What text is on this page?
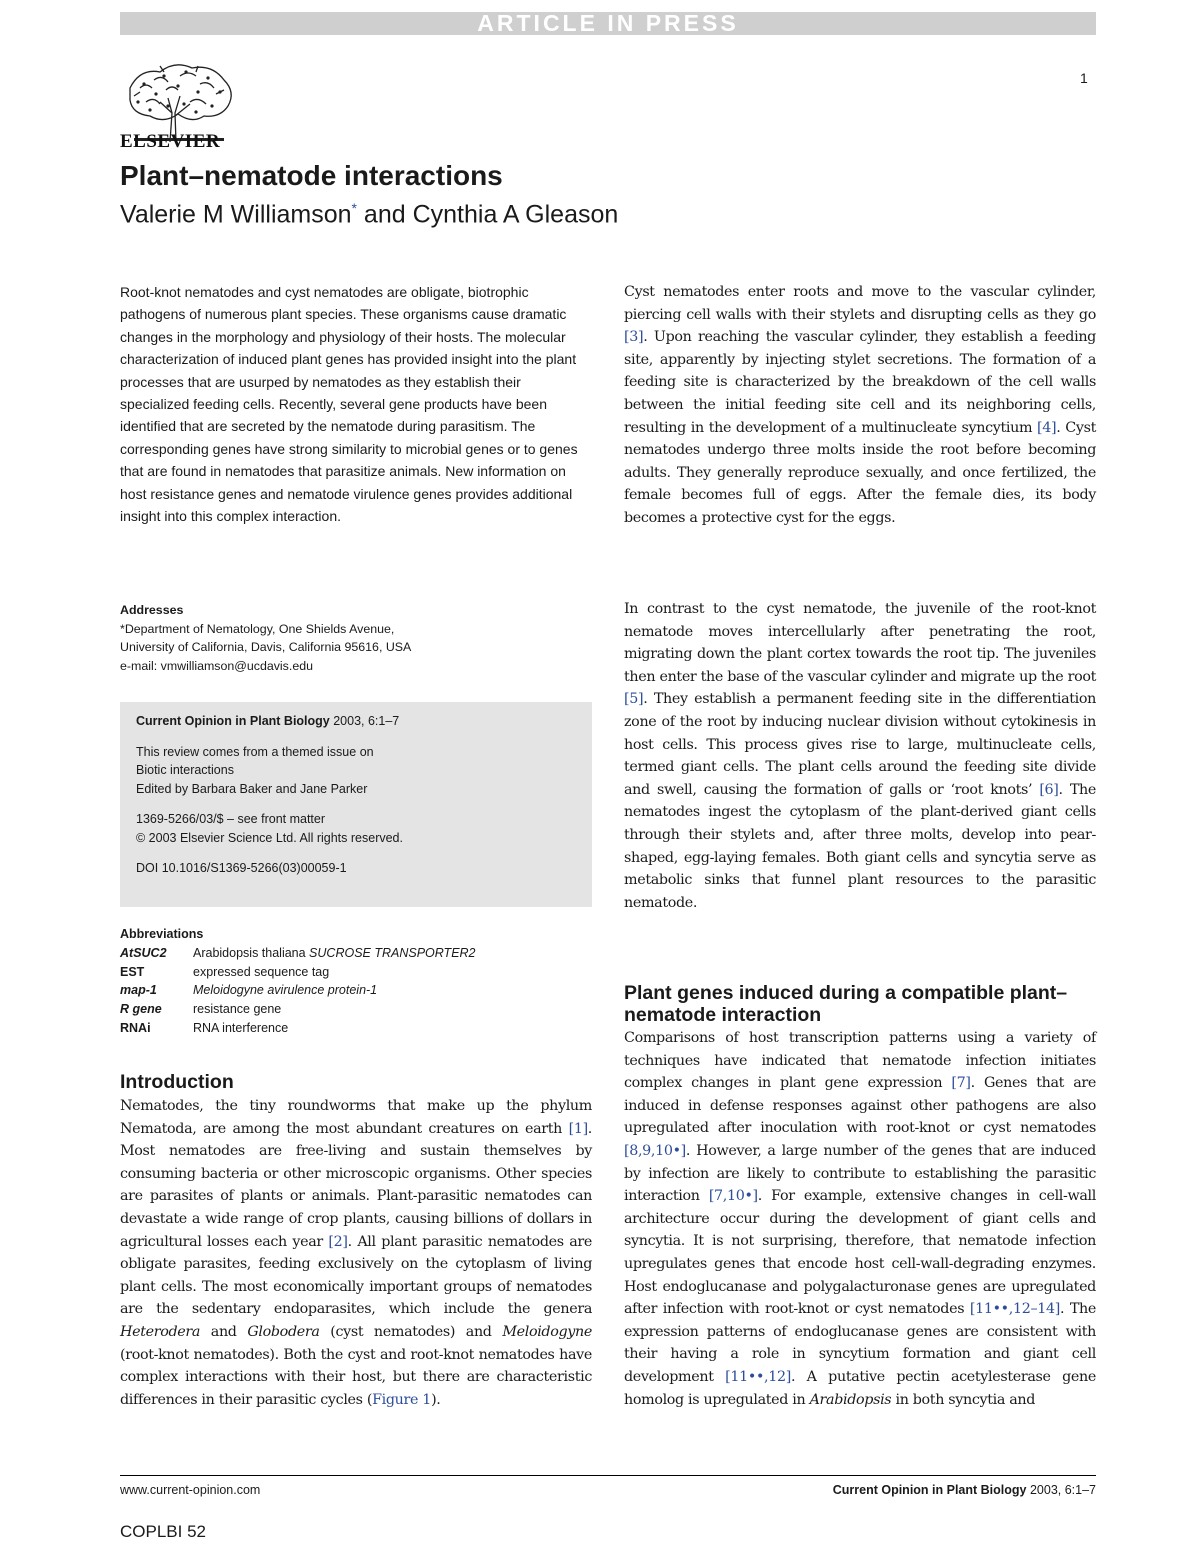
ARTICLE IN PRESS
ELSEVIER
1
Plant–nematode interactions

Valerie M Williamson* and Cynthia A Gleason

Root-knot nematodes and cyst nematodes are obligate, biotrophic pathogens of numerous plant species. These organisms cause dramatic changes in the morphology and physiology of their hosts. The molecular characterization of induced plant genes has provided insight into the plant processes that are usurped by nematodes as they establish their specialized feeding cells. Recently, several gene products have been identified that are secreted by the nematode during parasitism. The corresponding genes have strong similarity to microbial genes or to genes that are found in nematodes that parasitize animals. New information on host resistance genes and nematode virulence genes provides additional insight into this complex interaction.

Addresses
*Department of Nematology, One Shields Avenue,
University of California, Davis, California 95616, USA
e-mail: vmwilliamson@ucdavis.edu

Current Opinion in Plant Biology 2003, 6:1–7

This review comes from a themed issue on

Biotic interactions

Edited by Barbara Baker and Jane Parker

1369-5266/03/$ – see front matter

© 2003 Elsevier Science Ltd. All rights reserved.

DOI 10.1016/S1369-5266(03)00059-1

Abbreviations
AtSUC2	Arabidopsis thaliana SUCROSE TRANSPORTER2
EST	expressed sequence tag
map-1	Meloidogyne avirulence protein-1
R gene	resistance gene
RNAi	RNA interference
Introduction

Nematodes, the tiny roundworms that make up the phylum Nematoda, are among the most abundant creatures on earth [1]. Most nematodes are free-living and sustain themselves by consuming bacteria or other microscopic organisms. Other species are parasites of plants or animals. Plant-parasitic nematodes can devastate a wide range of crop plants, causing billions of dollars in agricultural losses each year [2]. All plant parasitic nematodes are obligate parasites, feeding exclusively on the cytoplasm of living plant cells. The most economically important groups of nematodes are the sedentary endoparasites, which include the genera Heterodera and Globodera (cyst nematodes) and Meloidogyne (root-knot nematodes). Both the cyst and root-knot nematodes have complex interactions with their host, but there are characteristic differences in their parasitic cycles (Figure 1).

Cyst nematodes enter roots and move to the vascular cylinder, piercing cell walls with their stylets and disrupting cells as they go [3]. Upon reaching the vascular cylinder, they establish a feeding site, apparently by injecting stylet secretions. The formation of a feeding site is characterized by the breakdown of the cell walls between the initial feeding site cell and its neighboring cells, resulting in the development of a multinucleate syncytium [4]. Cyst nematodes undergo three molts inside the root before becoming adults. They generally reproduce sexually, and once fertilized, the female becomes full of eggs. After the female dies, its body becomes a protective cyst for the eggs.

In contrast to the cyst nematode, the juvenile of the root-knot nematode moves intercellularly after penetrating the root, migrating down the plant cortex towards the root tip. The juveniles then enter the base of the vascular cylinder and migrate up the root [5]. They establish a permanent feeding site in the differentiation zone of the root by inducing nuclear division without cytokinesis in host cells. This process gives rise to large, multinucleate cells, termed giant cells. The plant cells around the feeding site divide and swell, causing the formation of galls or ‘root knots’ [6]. The nematodes ingest the cytoplasm of the plant-derived giant cells through their stylets and, after three molts, develop into pear-shaped, egg-laying females. Both giant cells and syncytia serve as metabolic sinks that funnel plant resources to the parasitic nematode.

Plant genes induced during a compatible plant–nematode interaction

Comparisons of host transcription patterns using a variety of techniques have indicated that nematode infection initiates complex changes in plant gene expression [7]. Genes that are induced in defense responses against other pathogens are also upregulated after inoculation with root-knot or cyst nematodes [8,9,10•]. However, a large number of the genes that are induced by infection are likely to contribute to establishing the parasitic interaction [7,10•]. For example, extensive changes in cell-wall architecture occur during the development of giant cells and syncytia. It is not surprising, therefore, that nematode infection upregulates genes that encode host cell-wall-degrading enzymes. Host endoglucanase and polygalacturonase genes are upregulated after infection with root-knot or cyst nematodes [11••,12–14]. The expression patterns of endoglucanase genes are consistent with their having a role in syncytium formation and giant cell development [11••,12]. A putative pectin acetylesterase gene homolog is upregulated in Arabidopsis in both syncytia and

www.current-opinion.com	Current Opinion in Plant Biology 2003, 6:1–7
COPLBI 52
